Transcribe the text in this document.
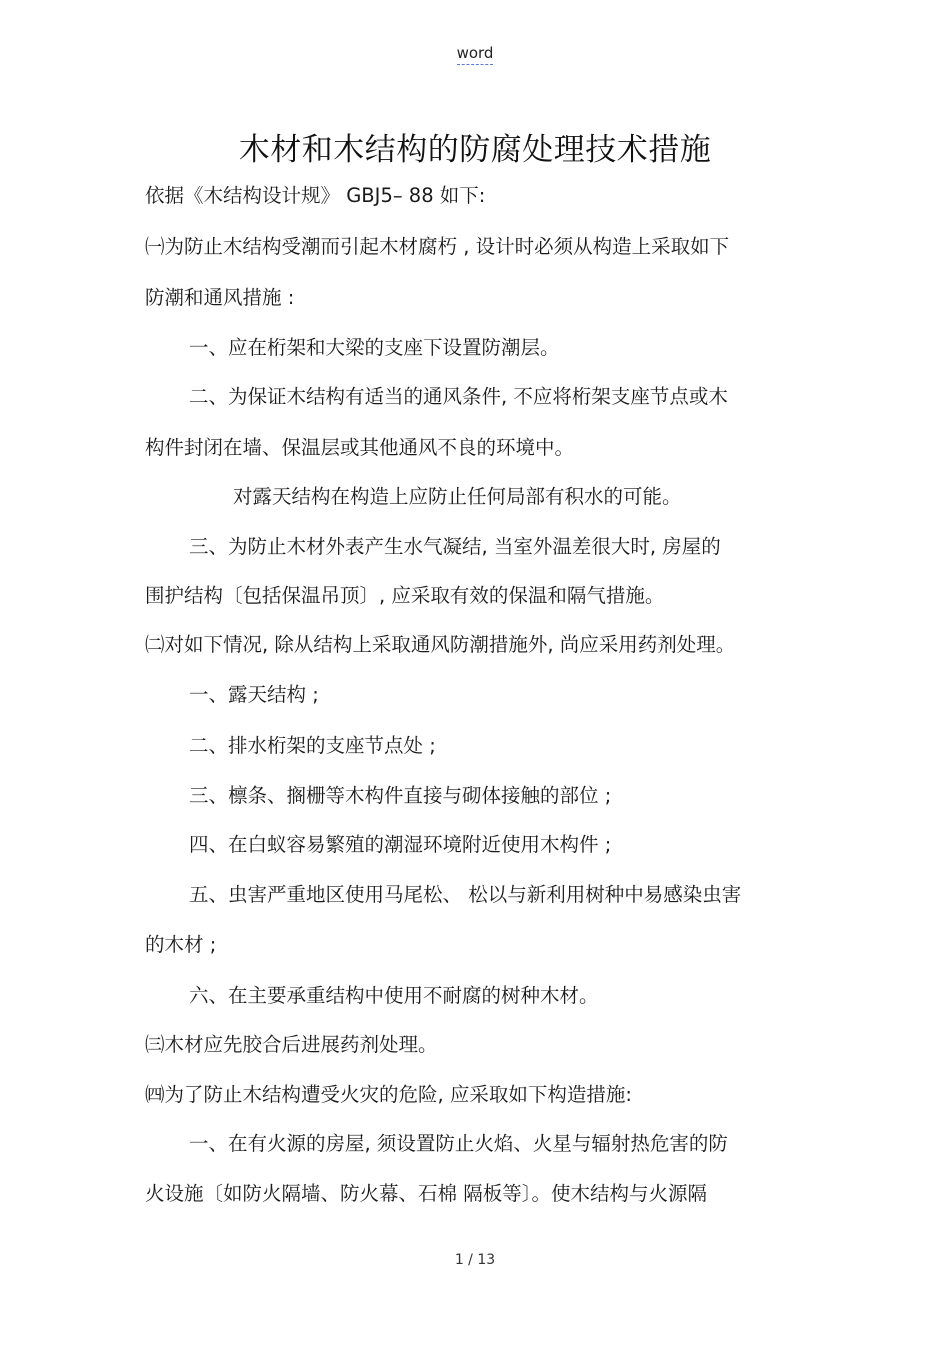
word
木材和木结构的防腐处理技术措施
依据《木结构设计规》 GBJ5– 88 如下:
㈠为防止木结构受潮而引起木材腐朽 , 设计时必须从构造上采取如下
防潮和通风措施 :
一、应在桁架和大梁的支座下设置防潮层。
二、为保证木结构有适当的通风条件, 不应将桁架支座节点或木
构件封闭在墙、保温层或其他通风不良的环境中。
对露天结构在构造上应防止任何局部有积水的可能。
三、为防止木材外表产生水气凝结, 当室外温差很大时, 房屋的
围护结构〔包括保温吊顶〕, 应采取有效的保温和隔气措施。
㈡对如下情况, 除从结构上采取通风防潮措施外, 尚应采用药剂处理。
一、露天结构 ;
二、排水桁架的支座节点处 ;
三、檩条、搁栅等木构件直接与砌体接触的部位 ;
四、在白蚁容易繁殖的潮湿环境附近使用木构件 ;
五、虫害严重地区使用马尾松、 松以与新利用树种中易感染虫害
的木材 ;
六、在主要承重结构中使用不耐腐的树种木材。
㈢木材应先胶合后进展药剂处理。
㈣为了防止木结构遭受火灾的危险, 应采取如下构造措施:
一、在有火源的房屋, 须设置防止火焰、火星与辐射热危害的防
火设施〔如防火隔墙、防火幕、石棉 隔板等〕。使木结构与火源隔
1 / 13
